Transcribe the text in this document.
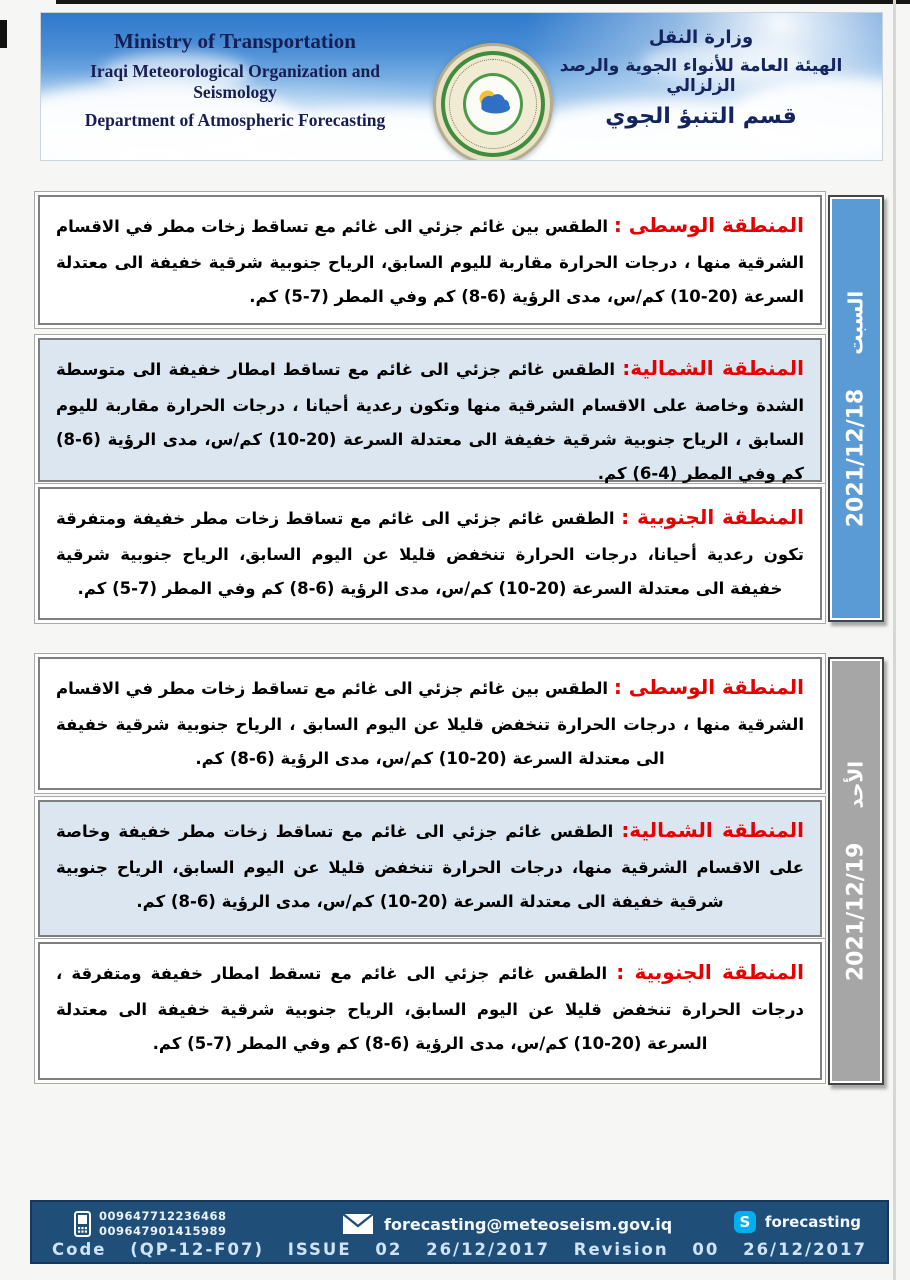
Ministry of Transportation
Iraqi Meteorological Organization and Seismology
Department of Atmospheric Forecasting
وزارة النقل
الهيئة العامة للأنواء الجوية والرصد الزلزالي
قسم التنبؤ الجوي

المنطقة الوسطى : الطقس بين غائم جزئي الى غائم مع تساقط زخات مطر في الاقسام الشرقية منها ، درجات الحرارة مقاربة لليوم السابق، الرياح جنوبية شرقية خفيفة الى معتدلة السرعة (20-10) كم/س، مدى الرؤية (6-8) كم وفي المطر (7-5) كم.

المنطقة الشمالية: الطقس غائم جزئي الى غائم مع تساقط امطار خفيفة الى متوسطة الشدة وخاصة على الاقسام الشرقية منها وتكون رعدية أحيانا ، درجات الحرارة مقاربة لليوم السابق ، الرياح جنوبية شرقية خفيفة الى معتدلة السرعة (20-10) كم/س، مدى الرؤية (6-8) كم وفي المطر (4-6) كم.

المنطقة الجنوبية : الطقس غائم جزئي الى غائم مع تساقط زخات مطر خفيفة ومتفرقة تكون رعدية أحيانا، درجات الحرارة تنخفض قليلا عن اليوم السابق، الرياح جنوبية شرقية خفيفة الى معتدلة السرعة (20-10) كم/س، مدى الرؤية (6-8) كم وفي المطر (7-5) كم.

السبت2021/12/18

المنطقة الوسطى : الطقس بين غائم جزئي الى غائم مع تساقط زخات مطر في الاقسام الشرقية منها ، درجات الحرارة تنخفض قليلا عن اليوم السابق ، الرياح جنوبية شرقية خفيفة الى معتدلة السرعة (20-10) كم/س، مدى الرؤية (6-8) كم.

المنطقة الشمالية: الطقس غائم جزئي الى غائم مع تساقط زخات مطر خفيفة وخاصة على الاقسام الشرقية منها، درجات الحرارة تنخفض قليلا عن اليوم السابق، الرياح جنوبية شرقية خفيفة الى معتدلة السرعة (20-10) كم/س، مدى الرؤية (6-8) كم.

المنطقة الجنوبية : الطقس غائم جزئي الى غائم مع تسقط امطار خفيفة ومتفرقة ، درجات الحرارة تنخفض قليلا عن اليوم السابق، الرياح جنوبية شرقية خفيفة الى معتدلة السرعة (20-10) كم/س، مدى الرؤية (6-8) كم وفي المطر (7-5) كم.

الأحد2021/12/19
009647712236468
009647901415989	forecasting@meteoseism.gov.iq	S forecasting
Code (QP-12-F07) ISSUE 02 26/12/2017 Revision 00 26/12/2017
